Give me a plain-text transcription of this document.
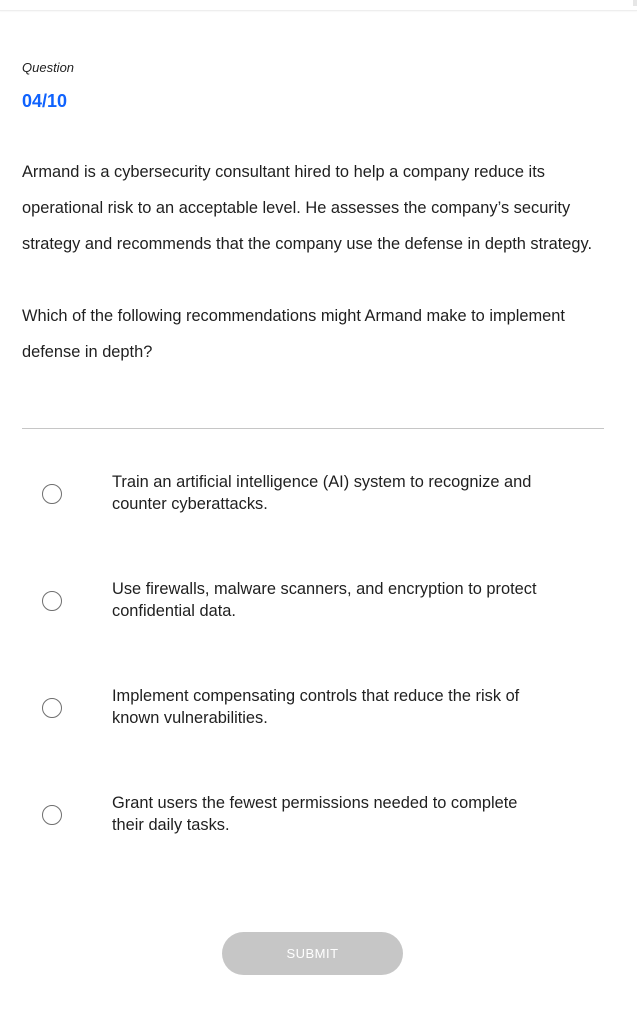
Question
04/10

Armand is a cybersecurity consultant hired to help a company reduce its operational risk to an acceptable level. He assesses the company’s security strategy and recommends that the company use the defense in depth strategy.

Which of the following recommendations might Armand make to implement defense in depth?

Train an artificial intelligence (AI) system to recognize and counter cyberattacks.
Use firewalls, malware scanners, and encryption to protect confidential data.
Implement compensating controls that reduce the risk of known vulnerabilities.
Grant users the fewest permissions needed to complete their daily tasks.
SUBMIT
